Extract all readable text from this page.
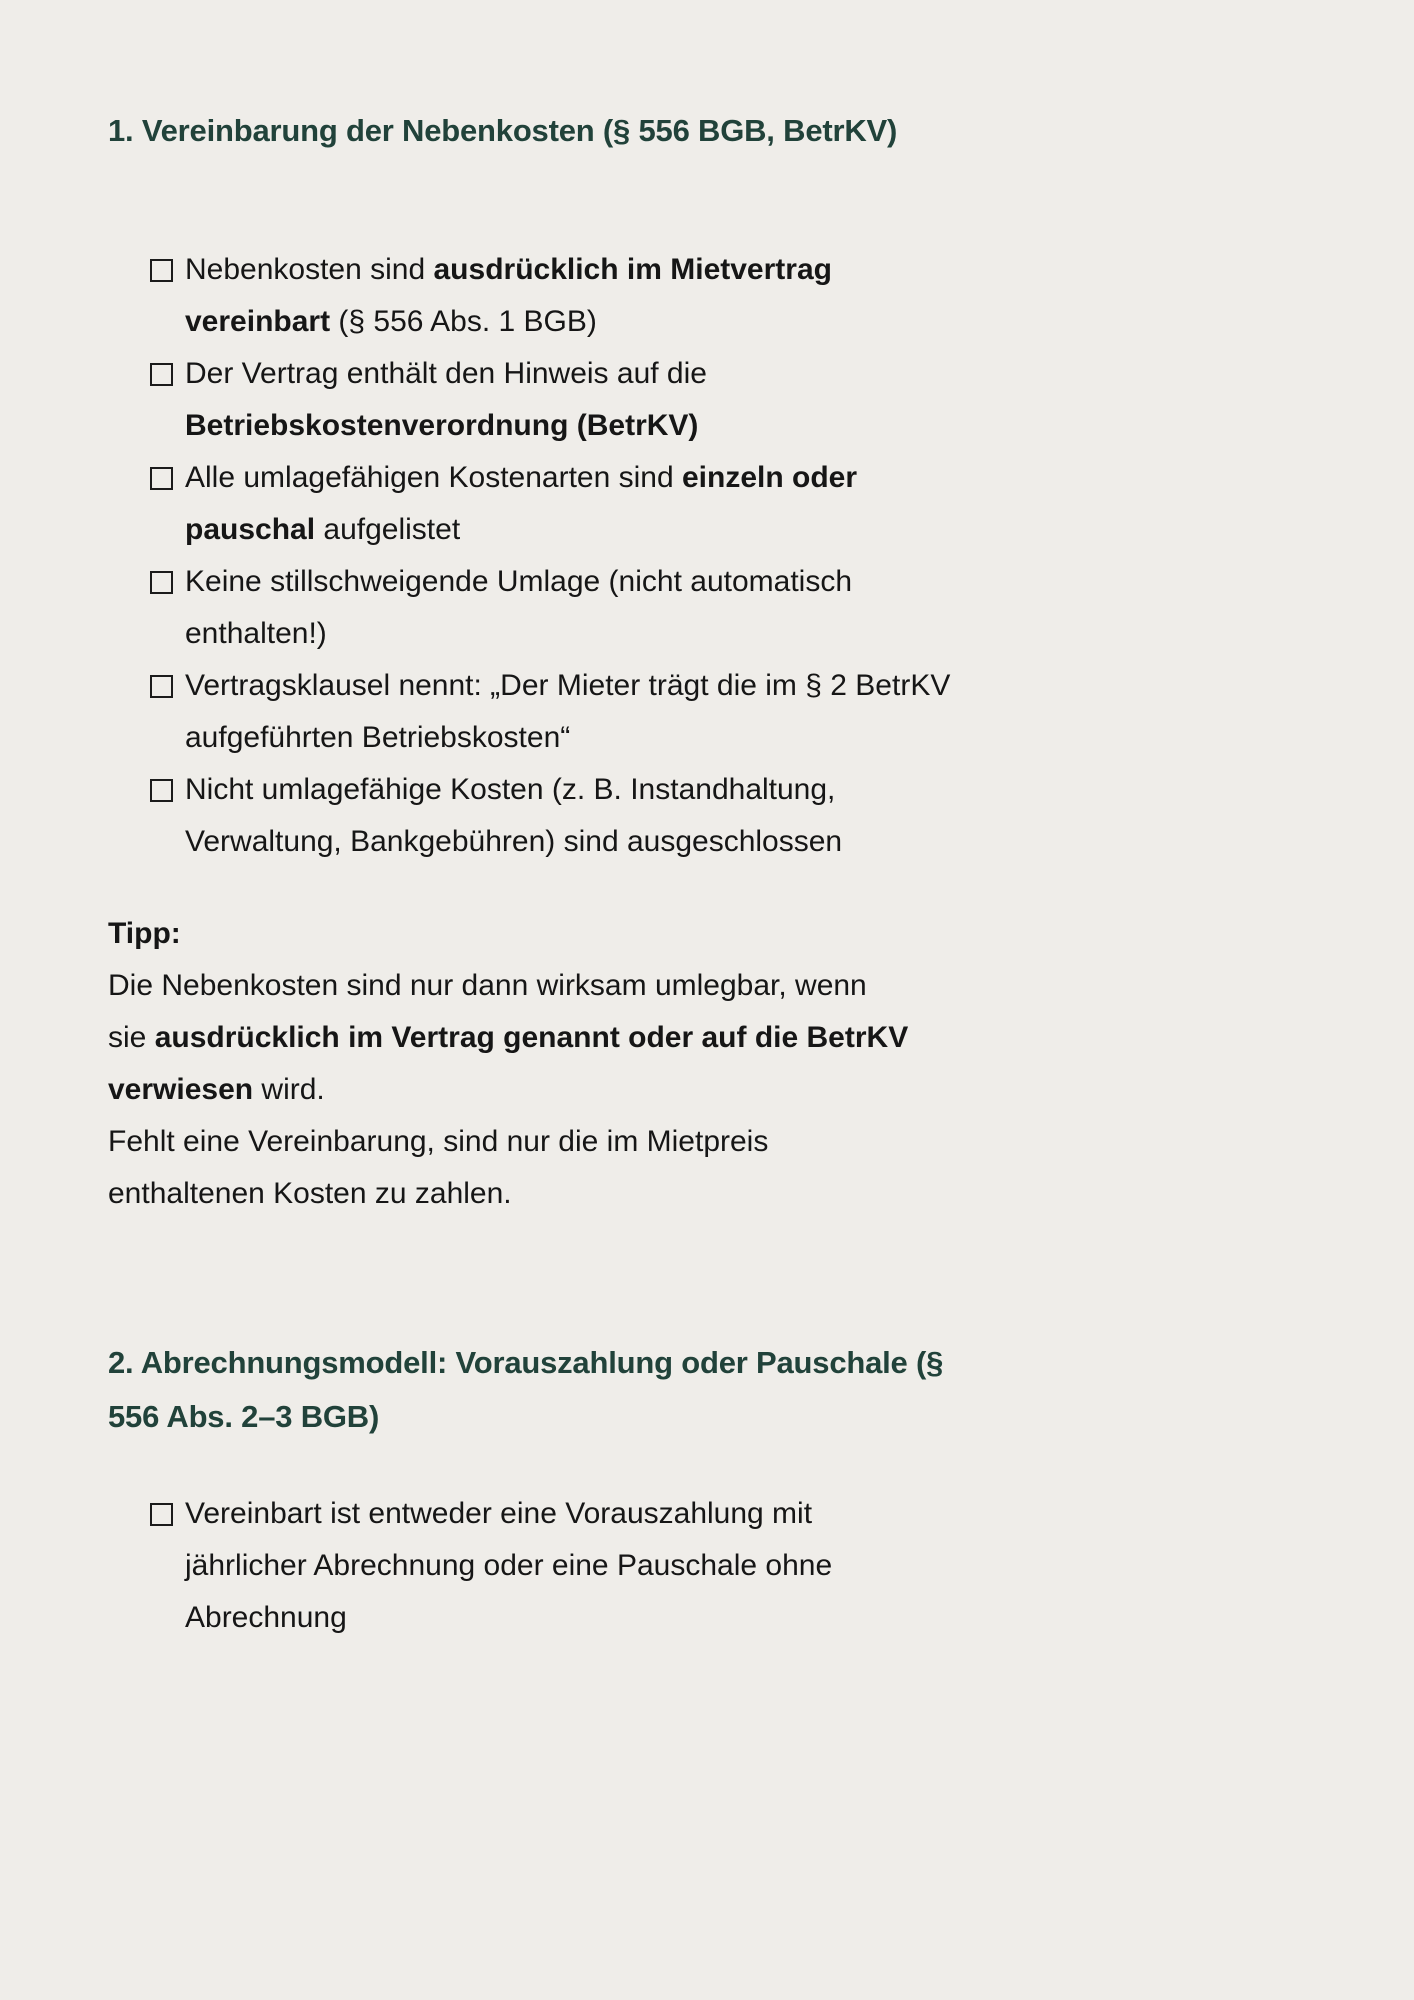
1. Vereinbarung der Nebenkosten (§ 556 BGB, BetrKV)
Nebenkosten sind ausdrücklich im Mietvertrag
vereinbart (§ 556 Abs. 1 BGB)
Der Vertrag enthält den Hinweis auf die
Betriebskostenverordnung (BetrKV)
Alle umlagefähigen Kostenarten sind einzeln oder
pauschal aufgelistet
Keine stillschweigende Umlage (nicht automatisch
enthalten!)
Vertragsklausel nennt: „Der Mieter trägt die im § 2 BetrKV
aufgeführten Betriebskosten“
Nicht umlagefähige Kosten (z. B. Instandhaltung,
Verwaltung, Bankgebühren) sind ausgeschlossen
Tipp:
Die Nebenkosten sind nur dann wirksam umlegbar, wenn
sie ausdrücklich im Vertrag genannt oder auf die BetrKV
verwiesen wird.
Fehlt eine Vereinbarung, sind nur die im Mietpreis
enthaltenen Kosten zu zahlen.
2. Abrechnungsmodell: Vorauszahlung oder Pauschale (§
556 Abs. 2–3 BGB)
Vereinbart ist entweder eine Vorauszahlung mit
jährlicher Abrechnung oder eine Pauschale ohne
Abrechnung
